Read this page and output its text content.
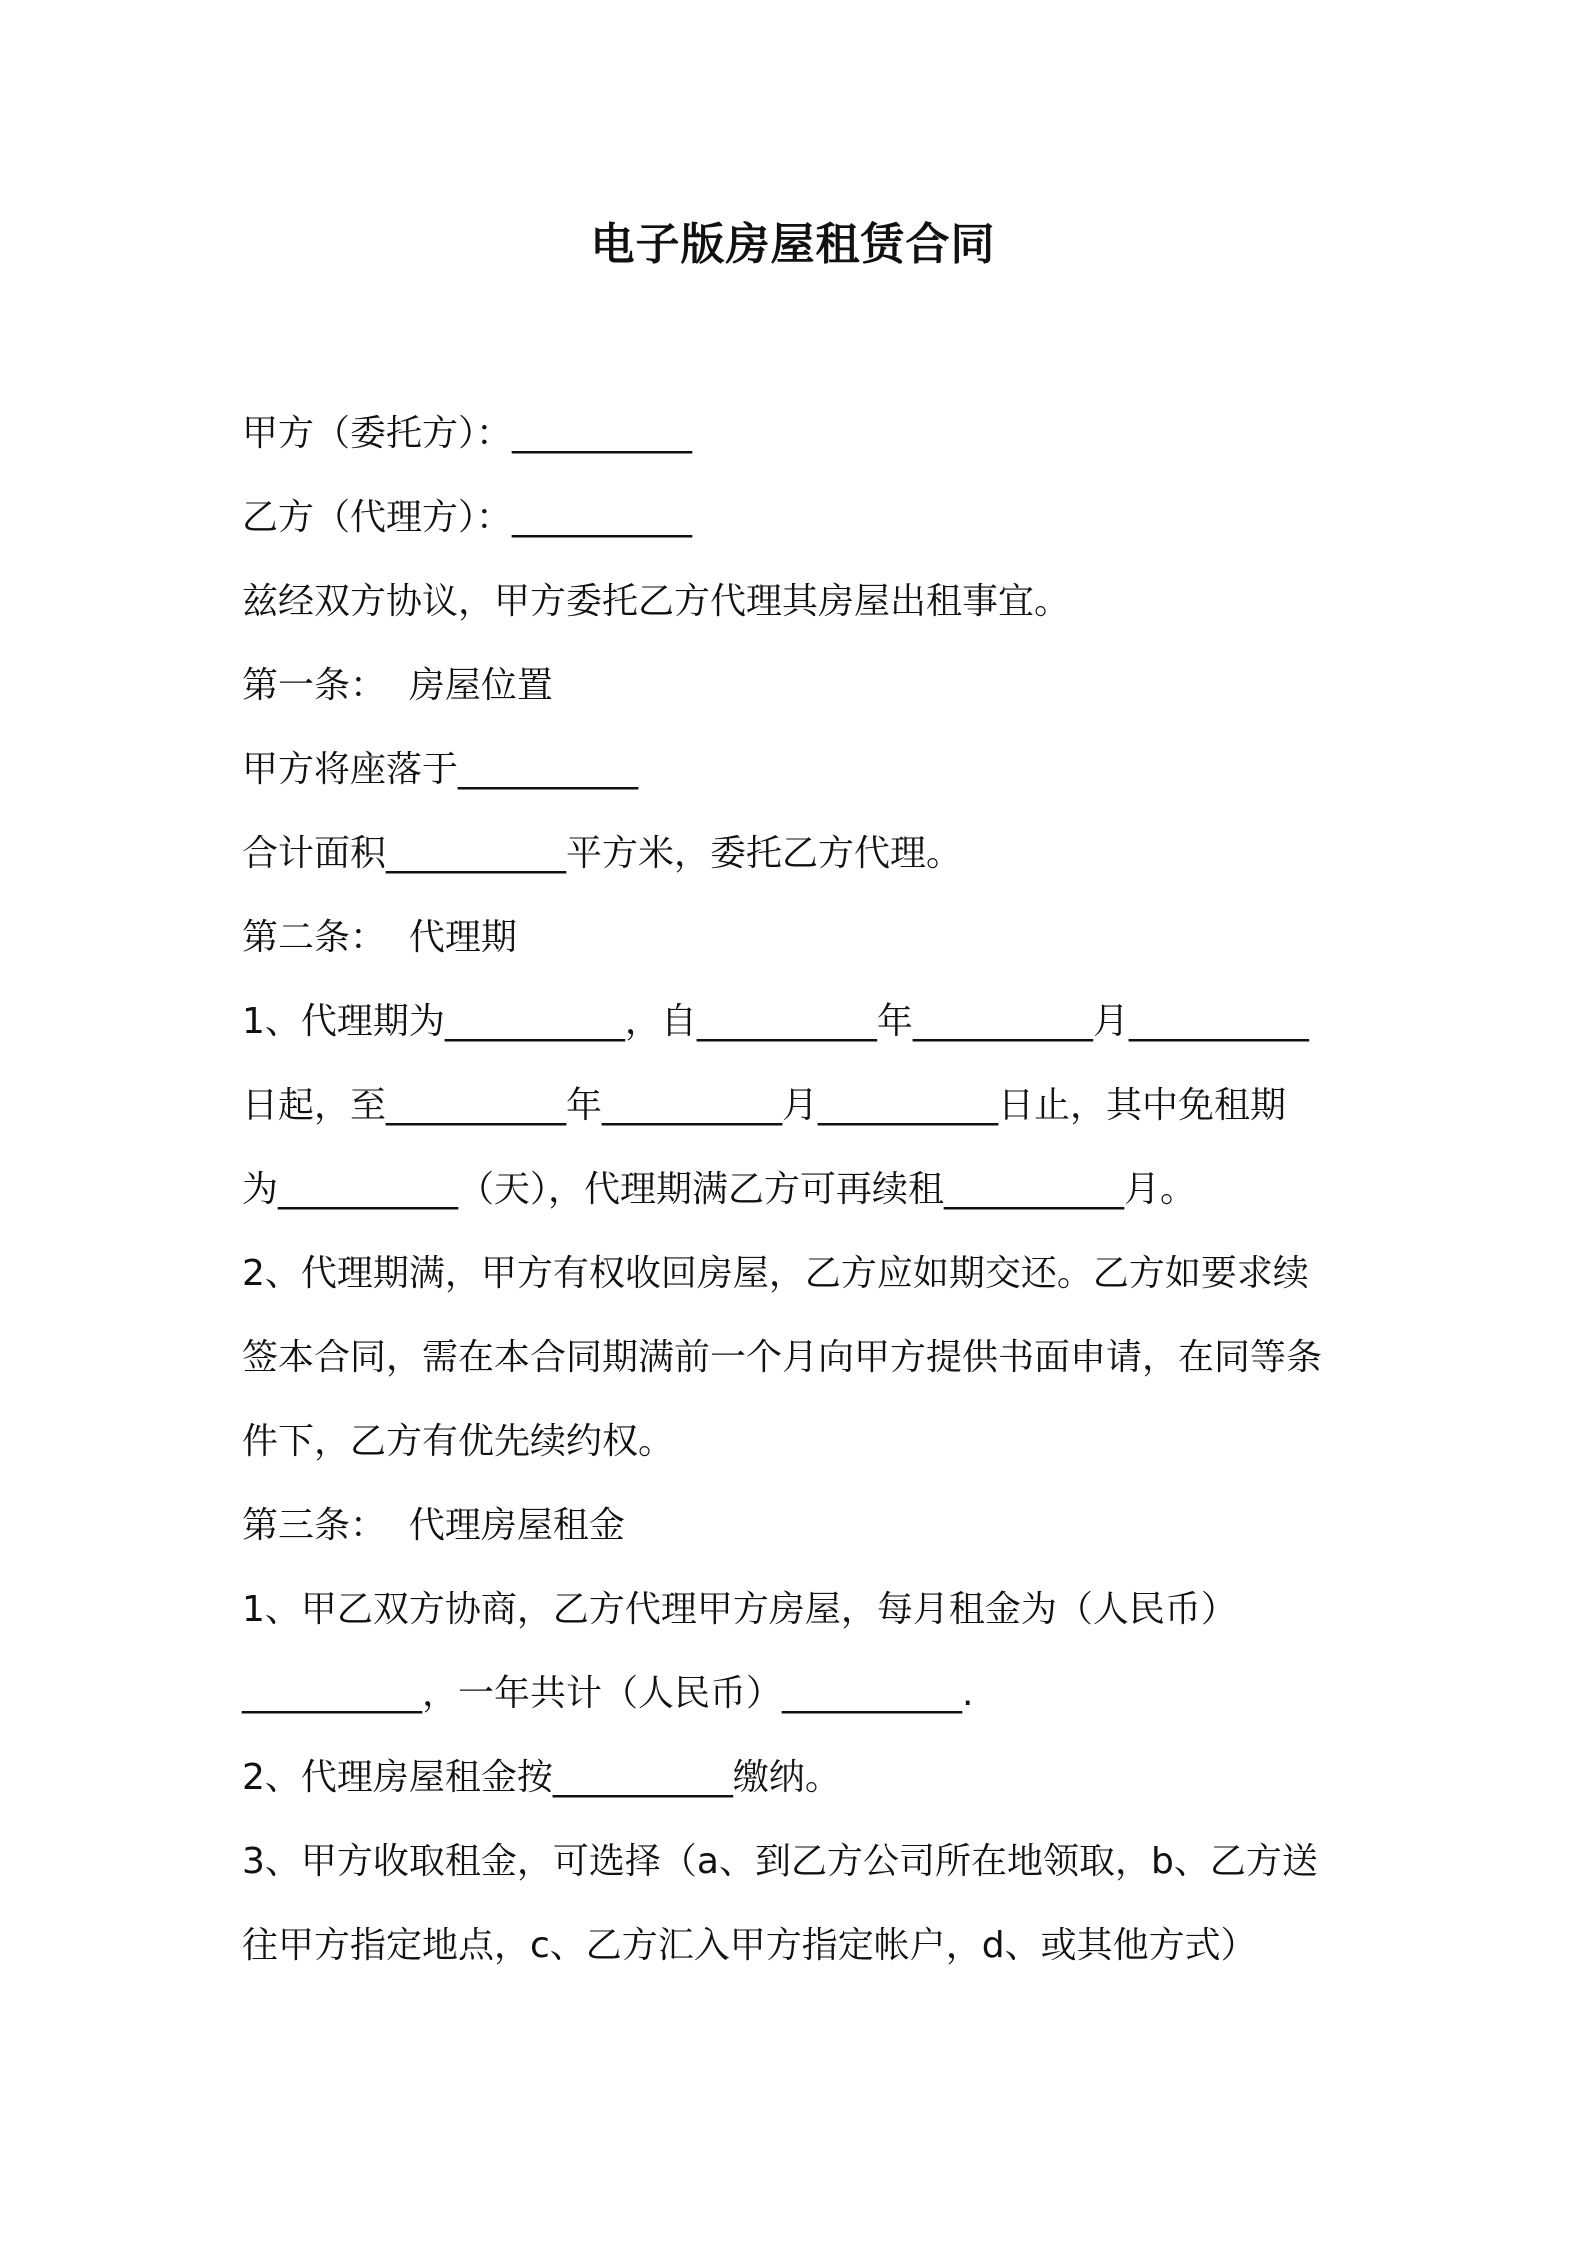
电子版房屋租赁合同
甲方（委托方）：__________
乙方（代理方）：__________
兹经双方协议，甲方委托乙方代理其房屋出租事宜。
第一条：  房屋位置
甲方将座落于__________
合计面积__________平方米，委托乙方代理。
第二条：  代理期
1、代理期为__________，自__________年__________月__________
日起，至__________年__________月__________日止，其中免租期
为__________（天），代理期满乙方可再续租__________月。
2、代理期满，甲方有权收回房屋，乙方应如期交还。乙方如要求续
签本合同，需在本合同期满前一个月向甲方提供书面申请，在同等条
件下，乙方有优先续约权。
第三条：  代理房屋租金
1、甲乙双方协商，乙方代理甲方房屋，每月租金为（人民币）
__________，一年共计（人民币）__________.
2、代理房屋租金按__________缴纳。
3、甲方收取租金，可选择（a、到乙方公司所在地领取，b、乙方送
往甲方指定地点，c、乙方汇入甲方指定帐户，d、或其他方式）
